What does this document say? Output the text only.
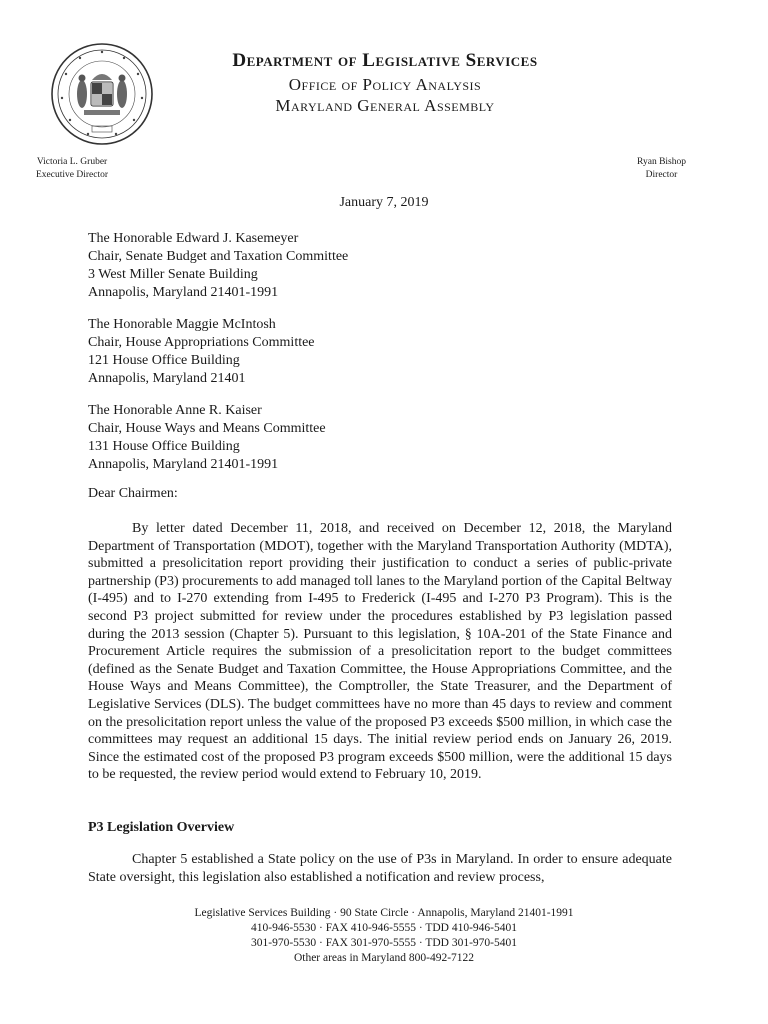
Department of Legislative Services
Office of Policy Analysis
Maryland General Assembly
Victoria L. Gruber
Executive Director
Ryan Bishop
Director
January 7, 2019
The Honorable Edward J. Kasemeyer
Chair, Senate Budget and Taxation Committee
3 West Miller Senate Building
Annapolis, Maryland 21401-1991
The Honorable Maggie McIntosh
Chair, House Appropriations Committee
121 House Office Building
Annapolis, Maryland 21401
The Honorable Anne R. Kaiser
Chair, House Ways and Means Committee
131 House Office Building
Annapolis, Maryland 21401-1991
Dear Chairmen:
By letter dated December 11, 2018, and received on December 12, 2018, the Maryland Department of Transportation (MDOT), together with the Maryland Transportation Authority (MDTA), submitted a presolicitation report providing their justification to conduct a series of public-private partnership (P3) procurements to add managed toll lanes to the Maryland portion of the Capital Beltway (I-495) and to I-270 extending from I-495 to Frederick (I-495 and I-270 P3 Program). This is the second P3 project submitted for review under the procedures established by P3 legislation passed during the 2013 session (Chapter 5). Pursuant to this legislation, § 10A-201 of the State Finance and Procurement Article requires the submission of a presolicitation report to the budget committees (defined as the Senate Budget and Taxation Committee, the House Appropriations Committee, and the House Ways and Means Committee), the Comptroller, the State Treasurer, and the Department of Legislative Services (DLS). The budget committees have no more than 45 days to review and comment on the presolicitation report unless the value of the proposed P3 exceeds $500 million, in which case the committees may request an additional 15 days. The initial review period ends on January 26, 2019. Since the estimated cost of the proposed P3 program exceeds $500 million, were the additional 15 days to be requested, the review period would extend to February 10, 2019.
P3 Legislation Overview
Chapter 5 established a State policy on the use of P3s in Maryland. In order to ensure adequate State oversight, this legislation also established a notification and review process,
Legislative Services Building · 90 State Circle · Annapolis, Maryland 21401-1991
410-946-5530 · FAX 410-946-5555 · TDD 410-946-5401
301-970-5530 · FAX 301-970-5555 · TDD 301-970-5401
Other areas in Maryland 800-492-7122
